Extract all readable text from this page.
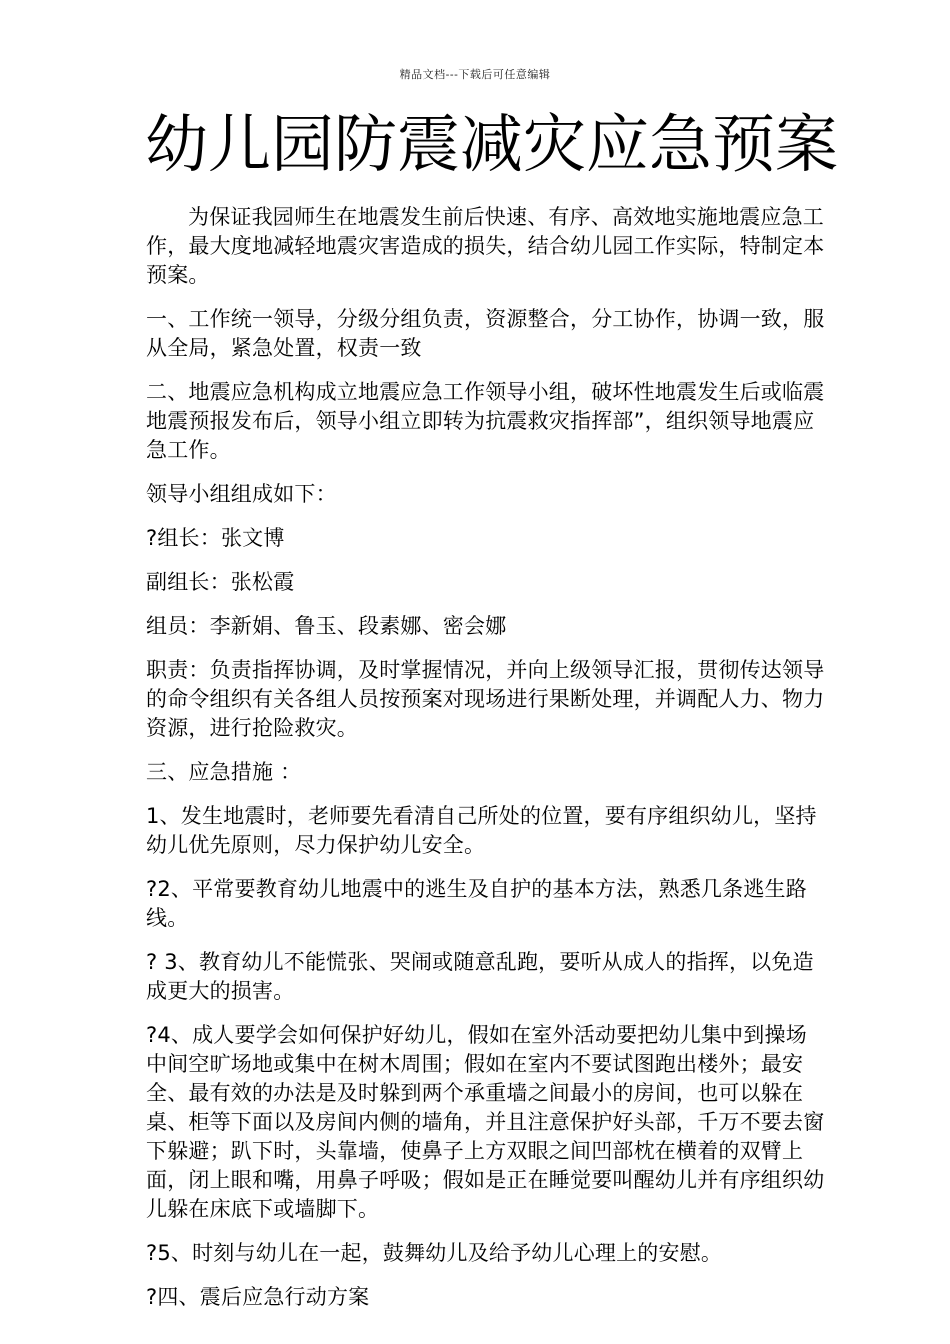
精品文档---下载后可任意编辑
幼儿园防震减灾应急预案

为保证我园师生在地震发生前后快速、有序、高效地实施地震应急工作，最大度地减轻地震灾害造成的损失，结合幼儿园工作实际，特制定本预案。

一、工作统一领导，分级分组负责，资源整合，分工协作，协调一致，服从全局，紧急处置，权责一致

二、地震应急机构成立地震应急工作领导小组，破坏性地震发生后或临震地震预报发布后，领导小组立即转为抗震救灾指挥部”，组织领导地震应急工作。

领导小组组成如下：

?组长：张文博

副组长：张松霞

组员：李新娟、鲁玉、段素娜、密会娜

职责：负责指挥协调，及时掌握情况，并向上级领导汇报，贯彻传达领导的命令组织有关各组人员按预案对现场进行果断处理，并调配人力、物力资源，进行抢险救灾。

三、应急措施 ：

1、发生地震时，老师要先看清自己所处的位置，要有序组织幼儿，坚持幼儿优先原则，尽力保护幼儿安全。

?2、平常要教育幼儿地震中的逃生及自护的基本方法，熟悉几条逃生路线。

? 3、教育幼儿不能慌张、哭闹或随意乱跑，要听从成人的指挥，以免造成更大的损害。

?4、成人要学会如何保护好幼儿，假如在室外活动要把幼儿集中到操场中间空旷场地或集中在树木周围；假如在室内不要试图跑出楼外；最安全、最有效的办法是及时躲到两个承重墙之间最小的房间，也可以躲在桌、柜等下面以及房间内侧的墙角，并且注意保护好头部，千万不要去窗下躲避；趴下时，头靠墙，使鼻子上方双眼之间凹部枕在横着的双臂上面，闭上眼和嘴，用鼻子呼吸；假如是正在睡觉要叫醒幼儿并有序组织幼儿躲在床底下或墙脚下。

?5、时刻与幼儿在一起，鼓舞幼儿及给予幼儿心理上的安慰。

?四、震后应急行动方案
